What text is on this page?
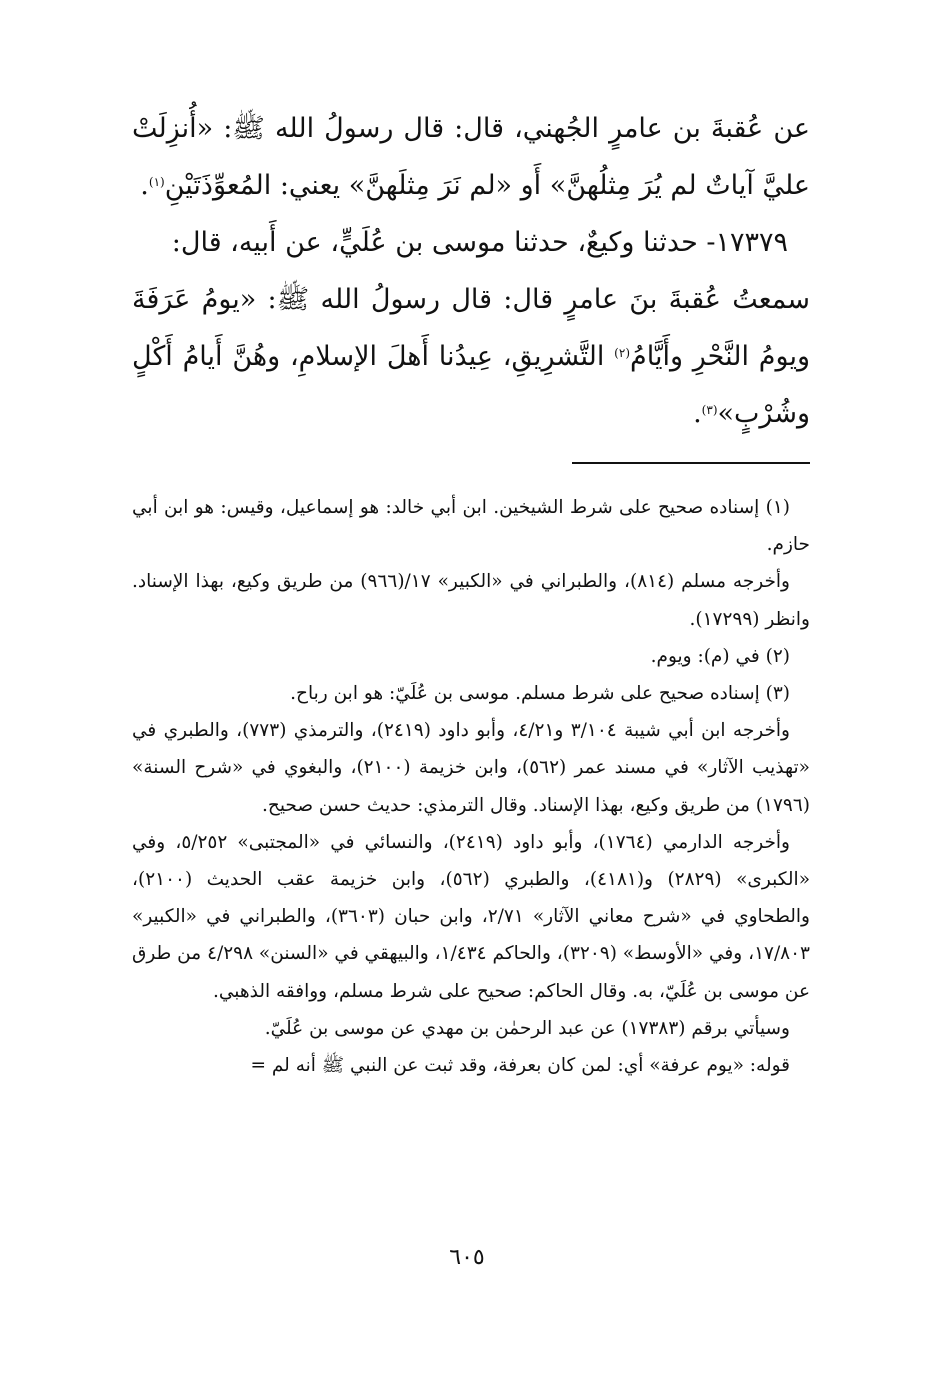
عن عُقبةَ بن عامرٍ الجُهني، قال: قال رسولُ الله ﷺ: «أُنزِلَتْ عليَّ آياتٌ لم يُرَ مِثلُهنَّ» أَو «لم نَرَ مِثلَهنَّ» يعني: المُعوِّذَتَيْنِ$^{(١)}$.

١٧٣٧٩- حدثنا وكيعٌ، حدثنا موسى بن عُلَيٍّ، عن أَبيه، قال:

سمعتُ عُقبةَ بنَ عامرٍ قال: قال رسولُ الله ﷺ: «يومُ عَرَفَةَ ويومُ النَّحْرِ وأَيَّامُ$^{(٢)}$ التَّشرِيقِ، عِيدُنا أَهلَ الإسلامِ، وهُنَّ أَيامُ أَكْلٍ وشُرْبٍ»$^{(٣)}$.

(١) إسناده صحيح على شرط الشيخين. ابن أبي خالد: هو إسماعيل، وقيس: هو ابن أبي حازم.

وأخرجه مسلم (٨١٤)، والطبراني في «الكبير» ١٧/(٩٦٦) من طريق وكيع، بهذا الإسناد. وانظر (١٧٢٩٩).

(٢) في (م): ويوم.

(٣) إسناده صحيح على شرط مسلم. موسى بن عُلَيّ: هو ابن رباح.

وأخرجه ابن أبي شيبة ٣/١٠٤ و٤/٢١، وأبو داود (٢٤١٩)، والترمذي (٧٧٣)، والطبري في «تهذيب الآثار» في مسند عمر (٥٦٢)، وابن خزيمة (٢١٠٠)، والبغوي في «شرح السنة» (١٧٩٦) من طريق وكيع، بهذا الإسناد. وقال الترمذي: حديث حسن صحيح.

وأخرجه الدارمي (١٧٦٤)، وأبو داود (٢٤١٩)، والنسائي في «المجتبى» ٥/٢٥٢، وفي «الكبرى» (٢٨٢٩) و(٤١٨١)، والطبري (٥٦٢)، وابن خزيمة عقب الحديث (٢١٠٠)، والطحاوي في «شرح معاني الآثار» ٢/٧١، وابن حبان (٣٦٠٣)، والطبراني في «الكبير» ١٧/٨٠٣، وفي «الأوسط» (٣٢٠٩)، والحاكم ١/٤٣٤، والبيهقي في «السنن» ٤/٢٩٨ من طرق عن موسى بن عُلَيّ، به. وقال الحاكم: صحيح على شرط مسلم، ووافقه الذهبي.

وسيأتي برقم (١٧٣٨٣) عن عبد الرحمٰن بن مهدي عن موسى بن عُلَيّ.

قوله: «يوم عرفة» أي: لمن كان بعرفة، وقد ثبت عن النبي ﷺ أنه لم =

٦٠٥
